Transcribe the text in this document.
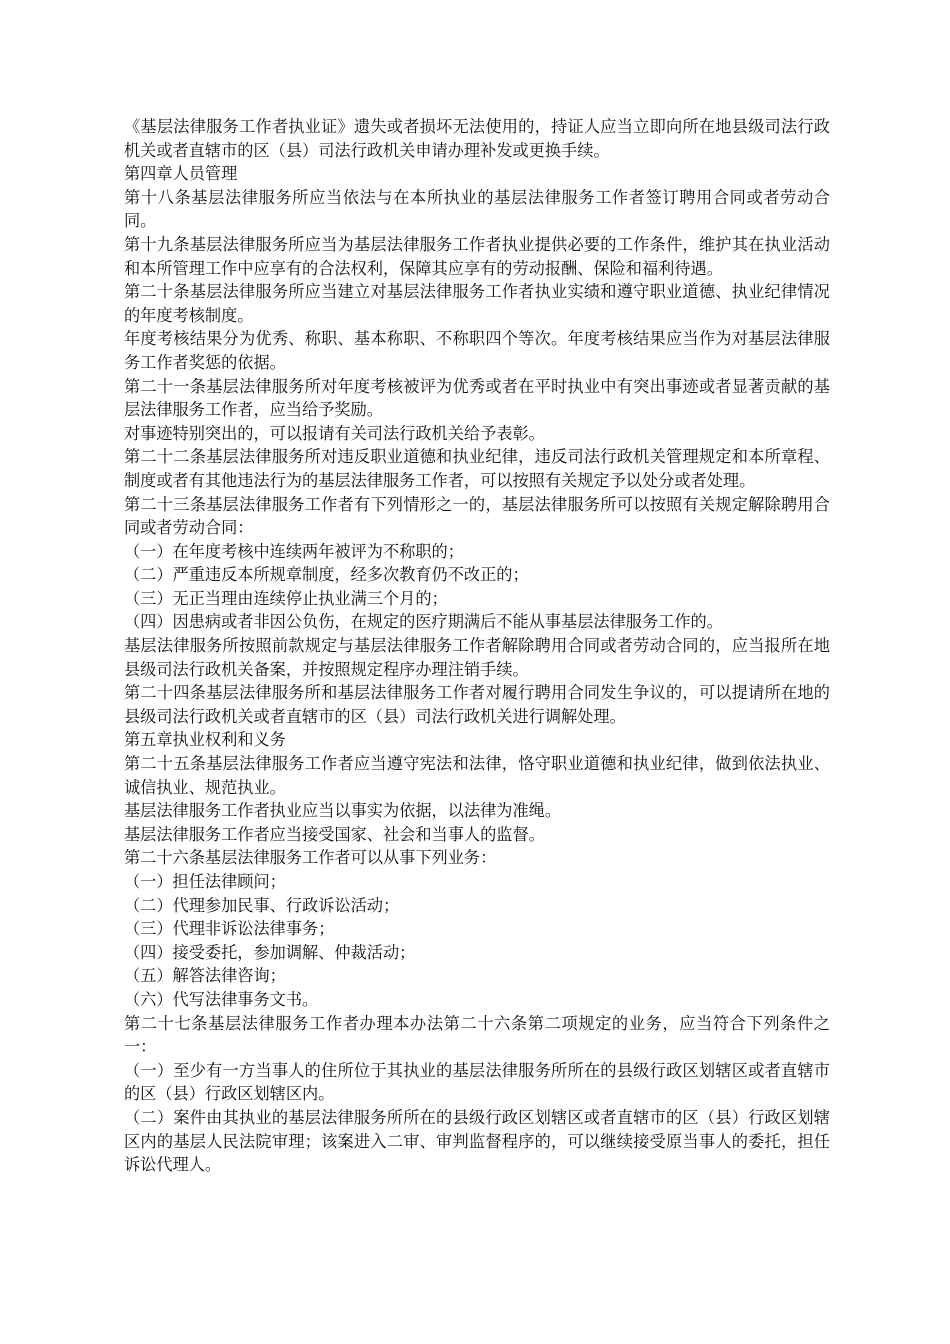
《基层法律服务工作者执业证》遗失或者损坏无法使用的，持证人应当立即向所在地县级司法行政机关或者直辖市的区（县）司法行政机关申请办理补发或更换手续。

第四章人员管理

第十八条基层法律服务所应当依法与在本所执业的基层法律服务工作者签订聘用合同或者劳动合同。

第十九条基层法律服务所应当为基层法律服务工作者执业提供必要的工作条件，维护其在执业活动和本所管理工作中应享有的合法权利，保障其应享有的劳动报酬、保险和福利待遇。

第二十条基层法律服务所应当建立对基层法律服务工作者执业实绩和遵守职业道德、执业纪律情况的年度考核制度。

年度考核结果分为优秀、称职、基本称职、不称职四个等次。年度考核结果应当作为对基层法律服务工作者奖惩的依据。

第二十一条基层法律服务所对年度考核被评为优秀或者在平时执业中有突出事迹或者显著贡献的基层法律服务工作者，应当给予奖励。

对事迹特别突出的，可以报请有关司法行政机关给予表彰。

第二十二条基层法律服务所对违反职业道德和执业纪律，违反司法行政机关管理规定和本所章程、制度或者有其他违法行为的基层法律服务工作者，可以按照有关规定予以处分或者处理。

第二十三条基层法律服务工作者有下列情形之一的，基层法律服务所可以按照有关规定解除聘用合同或者劳动合同：

（一）在年度考核中连续两年被评为不称职的；

（二）严重违反本所规章制度，经多次教育仍不改正的；

（三）无正当理由连续停止执业满三个月的；

（四）因患病或者非因公负伤，在规定的医疗期满后不能从事基层法律服务工作的。

基层法律服务所按照前款规定与基层法律服务工作者解除聘用合同或者劳动合同的，应当报所在地县级司法行政机关备案，并按照规定程序办理注销手续。

第二十四条基层法律服务所和基层法律服务工作者对履行聘用合同发生争议的，可以提请所在地的县级司法行政机关或者直辖市的区（县）司法行政机关进行调解处理。

第五章执业权利和义务

第二十五条基层法律服务工作者应当遵守宪法和法律，恪守职业道德和执业纪律，做到依法执业、诚信执业、规范执业。

基层法律服务工作者执业应当以事实为依据，以法律为准绳。

基层法律服务工作者应当接受国家、社会和当事人的监督。

第二十六条基层法律服务工作者可以从事下列业务：

（一）担任法律顾问；

（二）代理参加民事、行政诉讼活动；

（三）代理非诉讼法律事务；

（四）接受委托，参加调解、仲裁活动；

（五）解答法律咨询；

（六）代写法律事务文书。

第二十七条基层法律服务工作者办理本办法第二十六条第二项规定的业务，应当符合下列条件之一：

（一）至少有一方当事人的住所位于其执业的基层法律服务所所在的县级行政区划辖区或者直辖市的区（县）行政区划辖区内。

（二）案件由其执业的基层法律服务所所在的县级行政区划辖区或者直辖市的区（县）行政区划辖区内的基层人民法院审理；该案进入二审、审判监督程序的，可以继续接受原当事人的委托，担任诉讼代理人。
